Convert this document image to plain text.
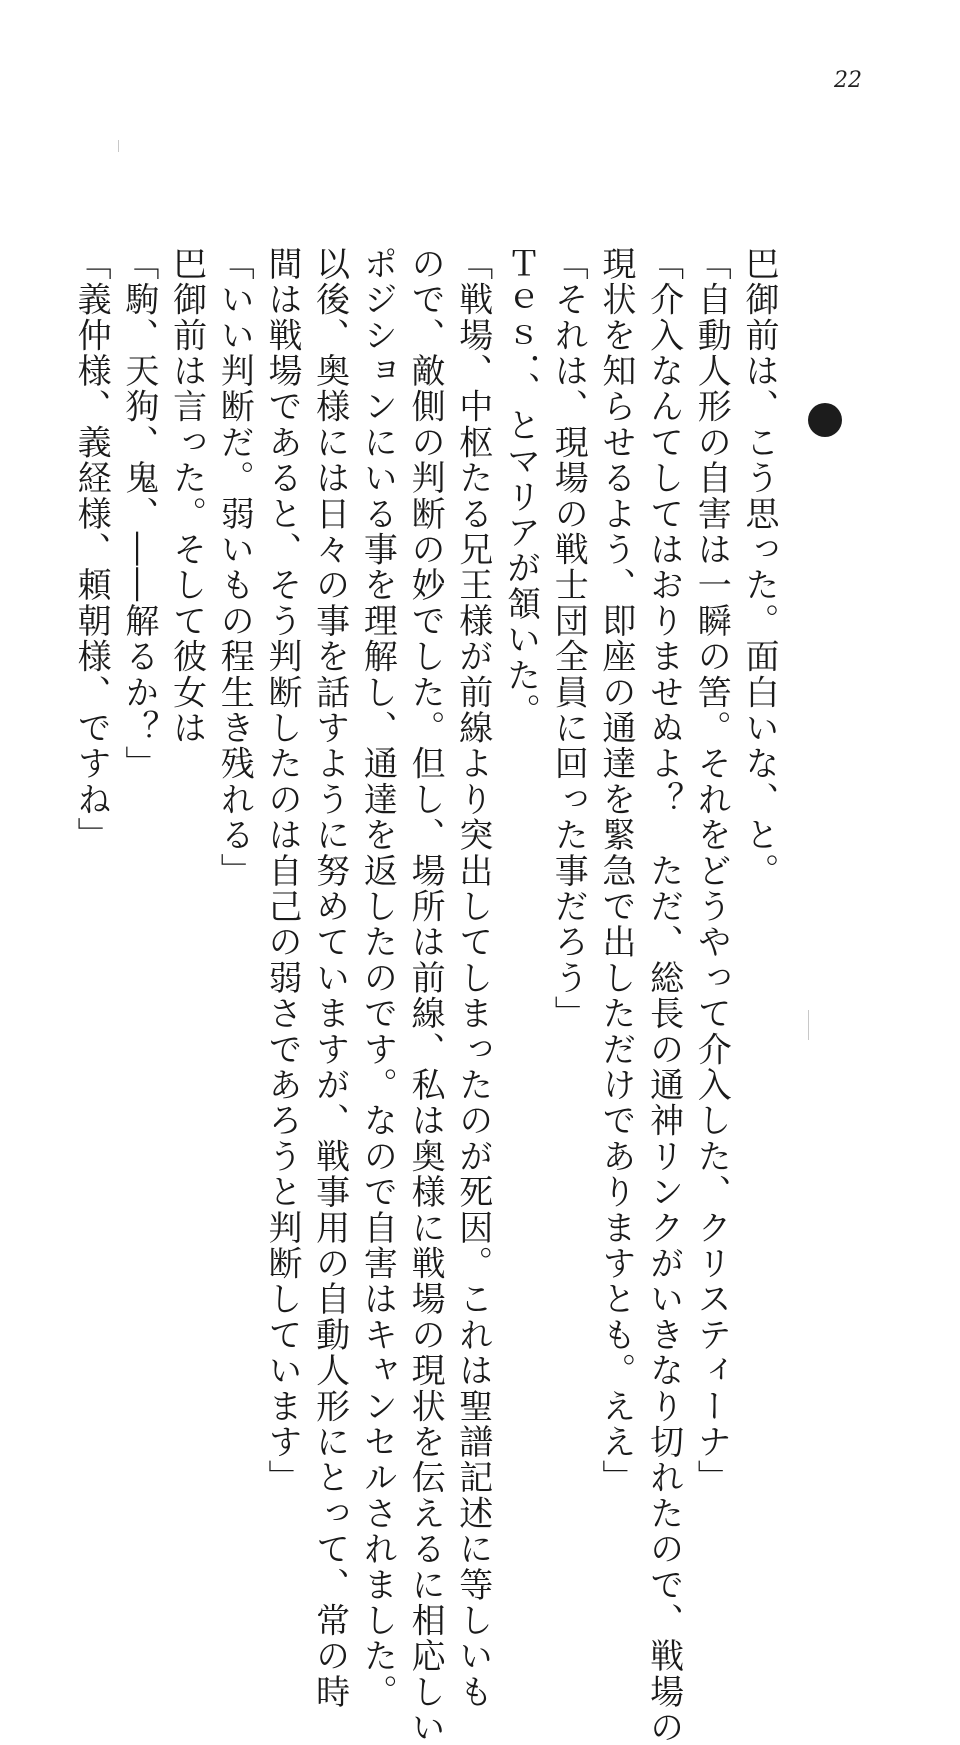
22
巴御前は、こう思った。面白いな、と。
「自動人形の自害は一瞬の筈。それをどうやって介入した、クリスティーナ」
「介入なんてしてはおりませぬよ？　ただ、総長の通神リンクがいきなり切れたので、戦場の
現状を知らせるよう、即座の通達を緊急で出しただけでありますとも。ええ」
「それは、現場の戦士団全員に回った事だろう」
Ｔｅｓ．、とマリアが頷いた。
「戦場、中枢たる兄王様が前線より突出してしまったのが死因。これは聖譜記述に等しいも
ので、敵側の判断の妙でした。但し、場所は前線、私は奥様に戦場の現状を伝えるに相応しい
ポジションにいる事を理解し、通達を返したのです。なので自害はキャンセルされました。
以後、奥様には日々の事を話すように努めていますが、戦事用の自動人形にとって、常の時
間は戦場であると、そう判断したのは自己の弱さであろうと判断しています」
「いい判断だ。弱いもの程生き残れる」
巴御前は言った。そして彼女は
「駒、天狗、鬼、――解るか？」
「義仲様、義経様、頼朝様、ですね」
